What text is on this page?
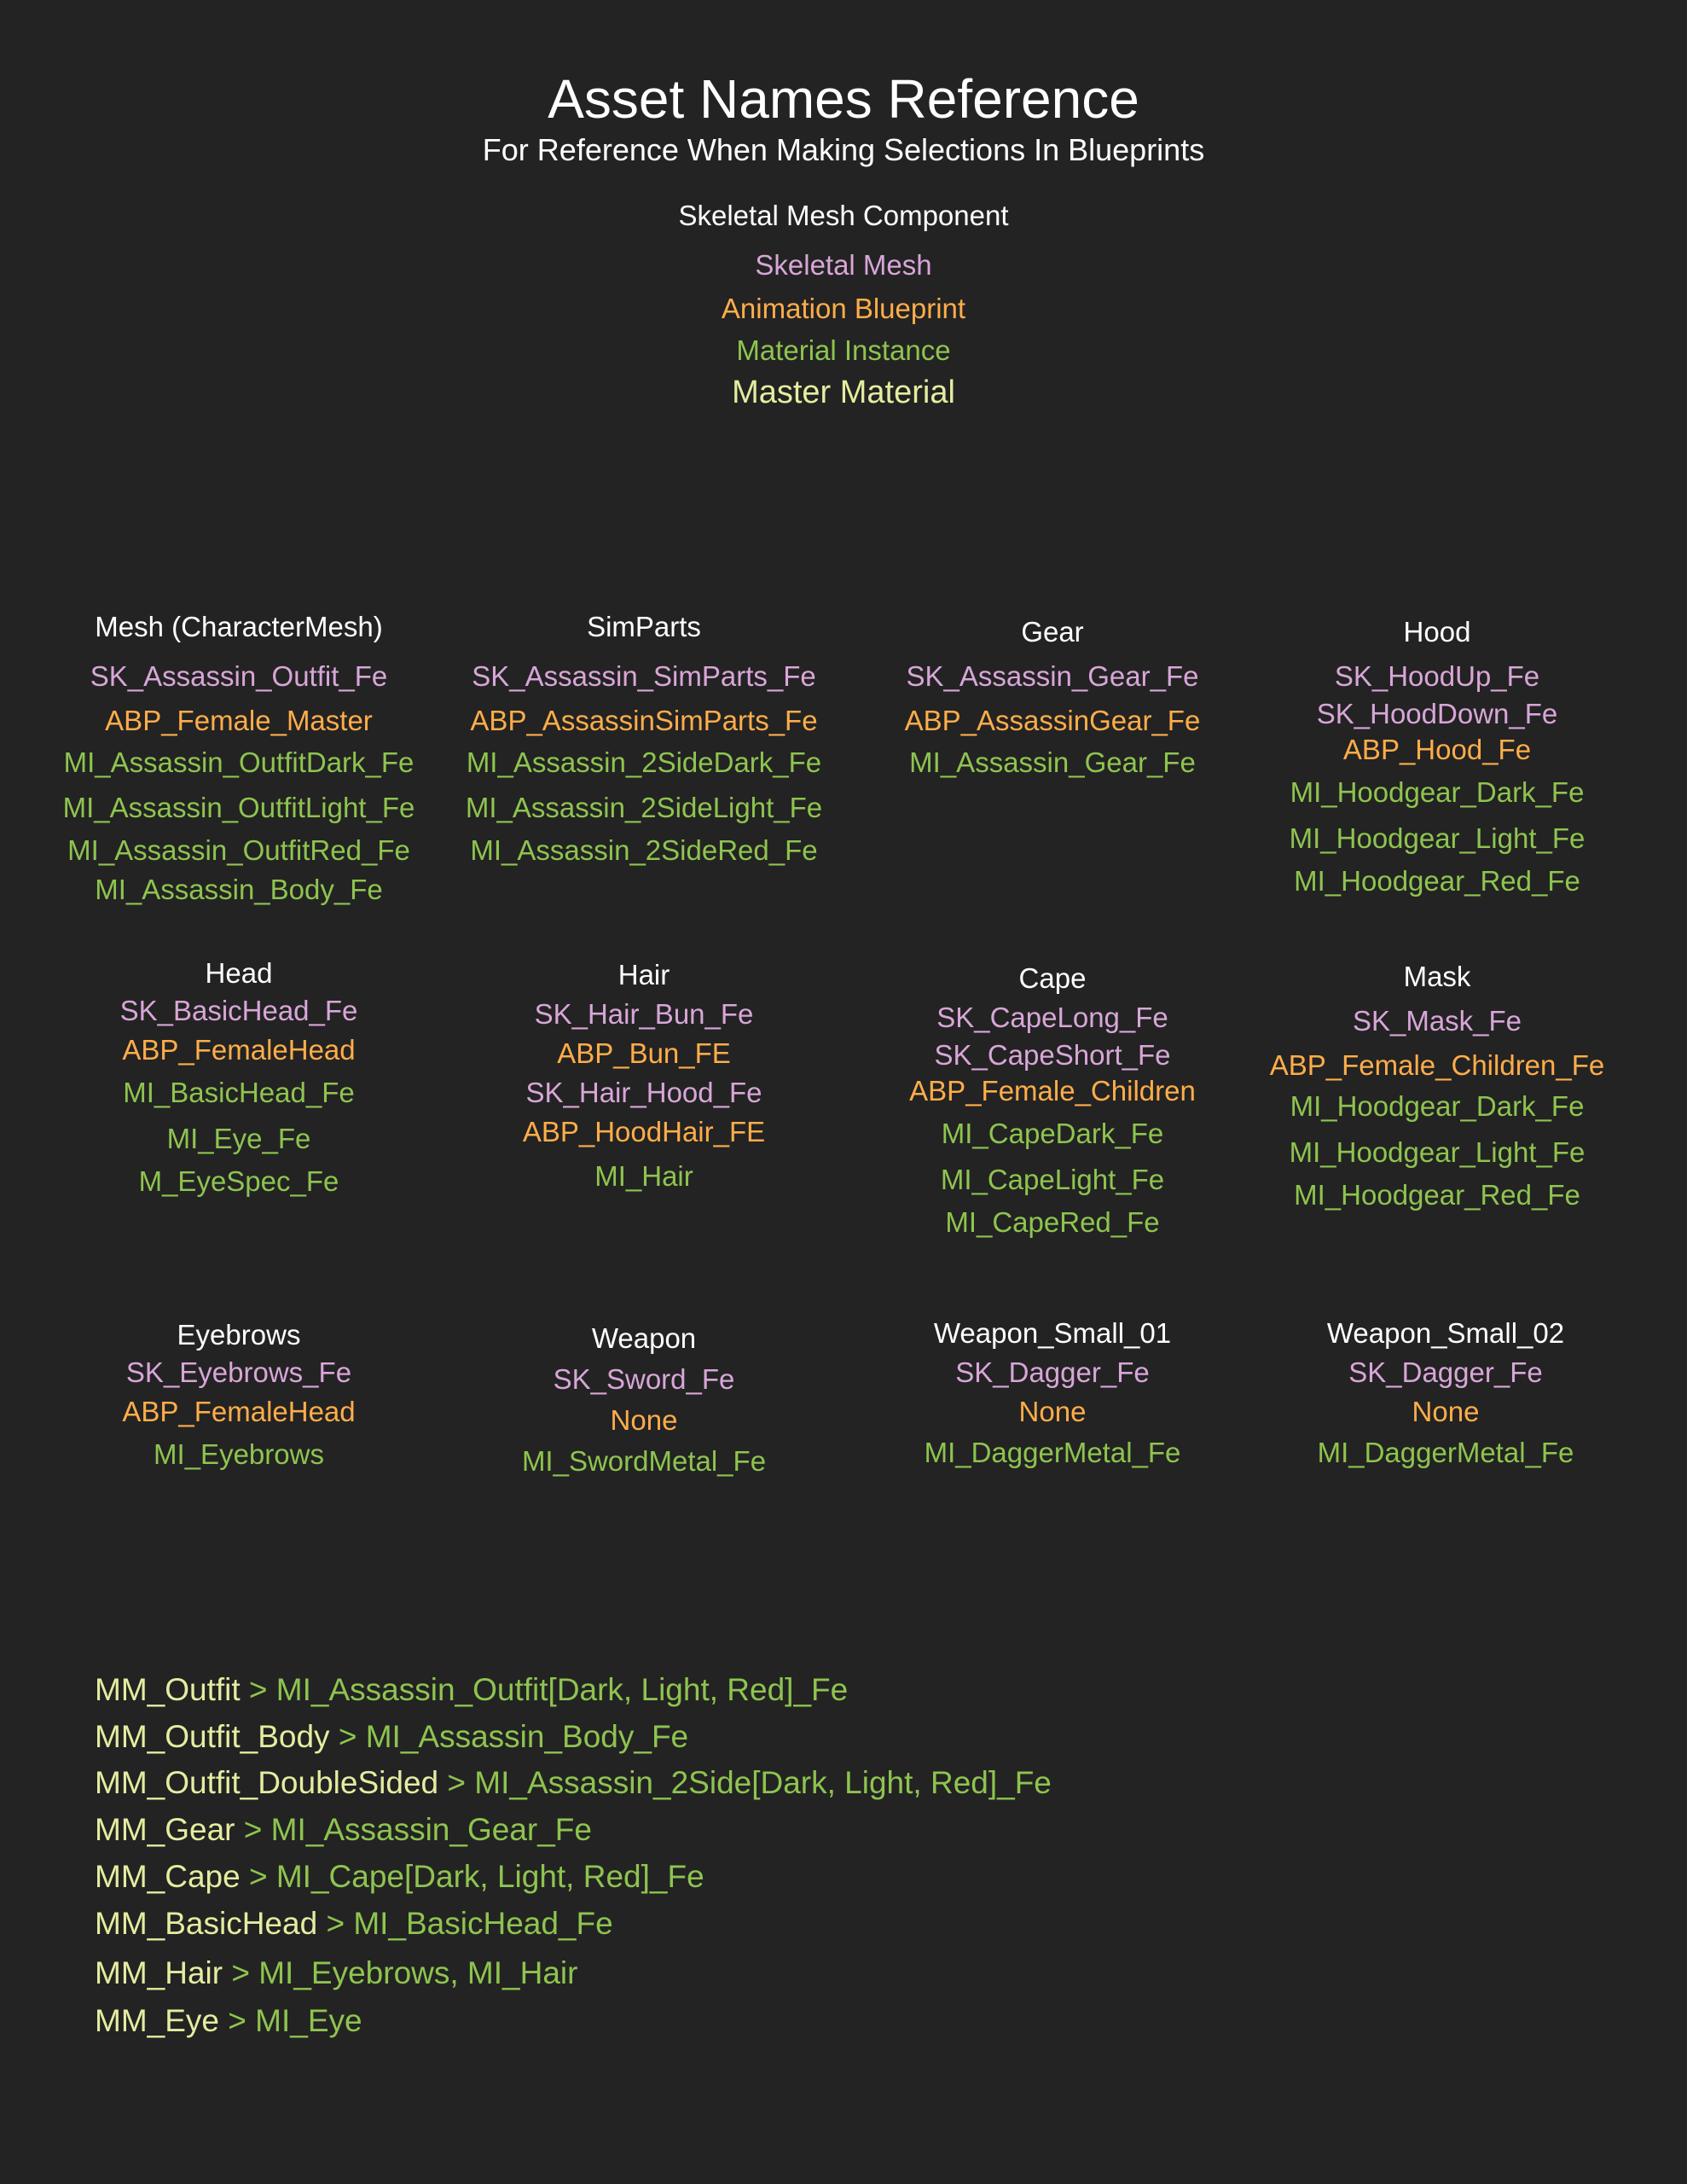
Asset Names Reference
For Reference When Making Selections In Blueprints
Skeletal Mesh Component
Skeletal Mesh
Animation Blueprint
Material Instance
Master Material
Mesh (CharacterMesh)
SK_Assassin_Outfit_Fe
ABP_Female_Master
MI_Assassin_OutfitDark_Fe
MI_Assassin_OutfitLight_Fe
MI_Assassin_OutfitRed_Fe
MI_Assassin_Body_Fe
SimParts
SK_Assassin_SimParts_Fe
ABP_AssassinSimParts_Fe
MI_Assassin_2SideDark_Fe
MI_Assassin_2SideLight_Fe
MI_Assassin_2SideRed_Fe
Gear
SK_Assassin_Gear_Fe
ABP_AssassinGear_Fe
MI_Assassin_Gear_Fe
Hood
SK_HoodUp_Fe
SK_HoodDown_Fe
ABP_Hood_Fe
MI_Hoodgear_Dark_Fe
MI_Hoodgear_Light_Fe
MI_Hoodgear_Red_Fe
Head
SK_BasicHead_Fe
ABP_FemaleHead
MI_BasicHead_Fe
MI_Eye_Fe
M_EyeSpec_Fe
Hair
SK_Hair_Bun_Fe
ABP_Bun_FE
SK_Hair_Hood_Fe
ABP_HoodHair_FE
MI_Hair
Cape
SK_CapeLong_Fe
SK_CapeShort_Fe
ABP_Female_Children
MI_CapeDark_Fe
MI_CapeLight_Fe
MI_CapeRed_Fe
Mask
SK_Mask_Fe
ABP_Female_Children_Fe
MI_Hoodgear_Dark_Fe
MI_Hoodgear_Light_Fe
MI_Hoodgear_Red_Fe
Eyebrows
SK_Eyebrows_Fe
ABP_FemaleHead
MI_Eyebrows
Weapon
SK_Sword_Fe
None
MI_SwordMetal_Fe
Weapon_Small_01
SK_Dagger_Fe
None
MI_DaggerMetal_Fe
Weapon_Small_02
SK_Dagger_Fe
None
MI_DaggerMetal_Fe
MM_Outfit > MI_Assassin_Outfit[Dark, Light, Red]_Fe
MM_Outfit_Body > MI_Assassin_Body_Fe
MM_Outfit_DoubleSided > MI_Assassin_2Side[Dark, Light, Red]_Fe
MM_Gear > MI_Assassin_Gear_Fe
MM_Cape > MI_Cape[Dark, Light, Red]_Fe
MM_BasicHead > MI_BasicHead_Fe
MM_Hair > MI_Eyebrows, MI_Hair
MM_Eye > MI_Eye
